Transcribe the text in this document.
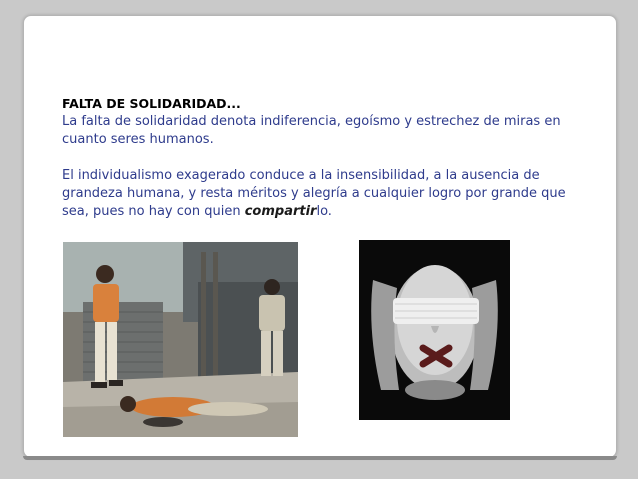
FALTA DE SOLIDARIDAD...

La falta de solidaridad denota indiferencia, egoísmo y estrechez de miras en cuanto seres humanos.

El individualismo exagerado conduce a la insensibilidad, a la ausencia de grandeza humana, y resta méritos y alegría a cualquier logro por grande que sea, pues no hay con quien compartirlo.
